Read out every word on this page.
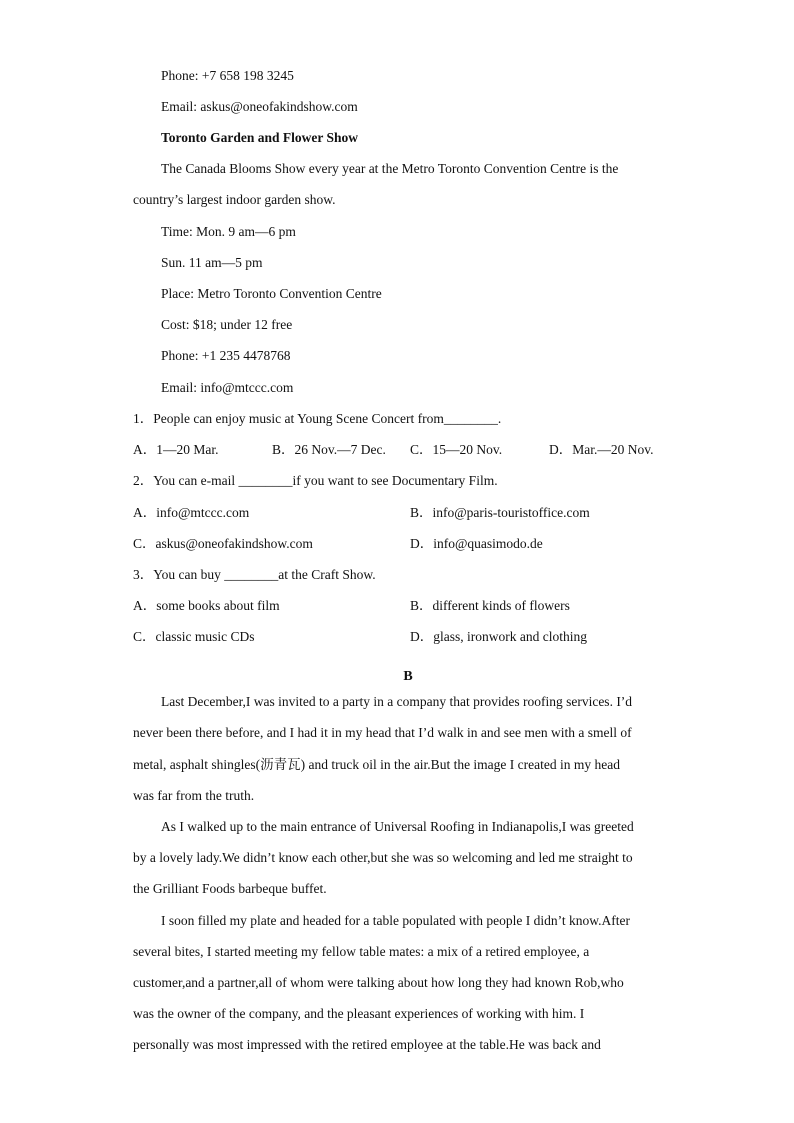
Phone: +7 658 198 3245
Email: askus@oneofakindshow.com
Toronto Garden and Flower Show
The Canada Blooms Show every year at the Metro Toronto Convention Centre is the
country’s largest indoor garden show.
Time: Mon. 9 am—6 pm
Sun. 11 am—5 pm
Place: Metro Toronto Convention Centre
Cost: $18; under 12 free
Phone: +1 235 4478768
Email: info@mtccc.com
1．People can enjoy music at Young Scene Concert from________.
A．1—20 Mar.	B．26 Nov.—7 Dec. C．15—20 Nov.	D．Mar.—20 Nov.
2．You can e-mail ________if you want to see Documentary Film.
A．info@mtccc.com	B．info@paris-touristoffice.com
C．askus@oneofakindshow.com	D．info@quasimodo.de
3．You can buy ________at the Craft Show.
A．some books about film	B．different kinds of flowers
C．classic music CDs	D．glass, ironwork and clothing
B
Last December,I was invited to a party in a company that provides roofing services. I’d
never been there before, and I had it in my head that I’d walk in and see men with a smell of
metal, asphalt shingles(沥青瓦) and truck oil in the air.But the image I created in my head
was far from the truth.
As I walked up to the main entrance of Universal Roofing in Indianapolis,I was greeted
by a lovely lady.We didn’t know each other,but she was so welcoming and led me straight to
the Grilliant Foods barbeque buffet.
I soon filled my plate and headed for a table populated with people I didn’t know.After
several bites, I started meeting my fellow table mates: a mix of a retired employee, a
customer,and a partner,all of whom were talking about how long they had known Rob,who
was the owner of the company, and the pleasant experiences of working with him. I
personally was most impressed with the retired employee at the table.He was back and
